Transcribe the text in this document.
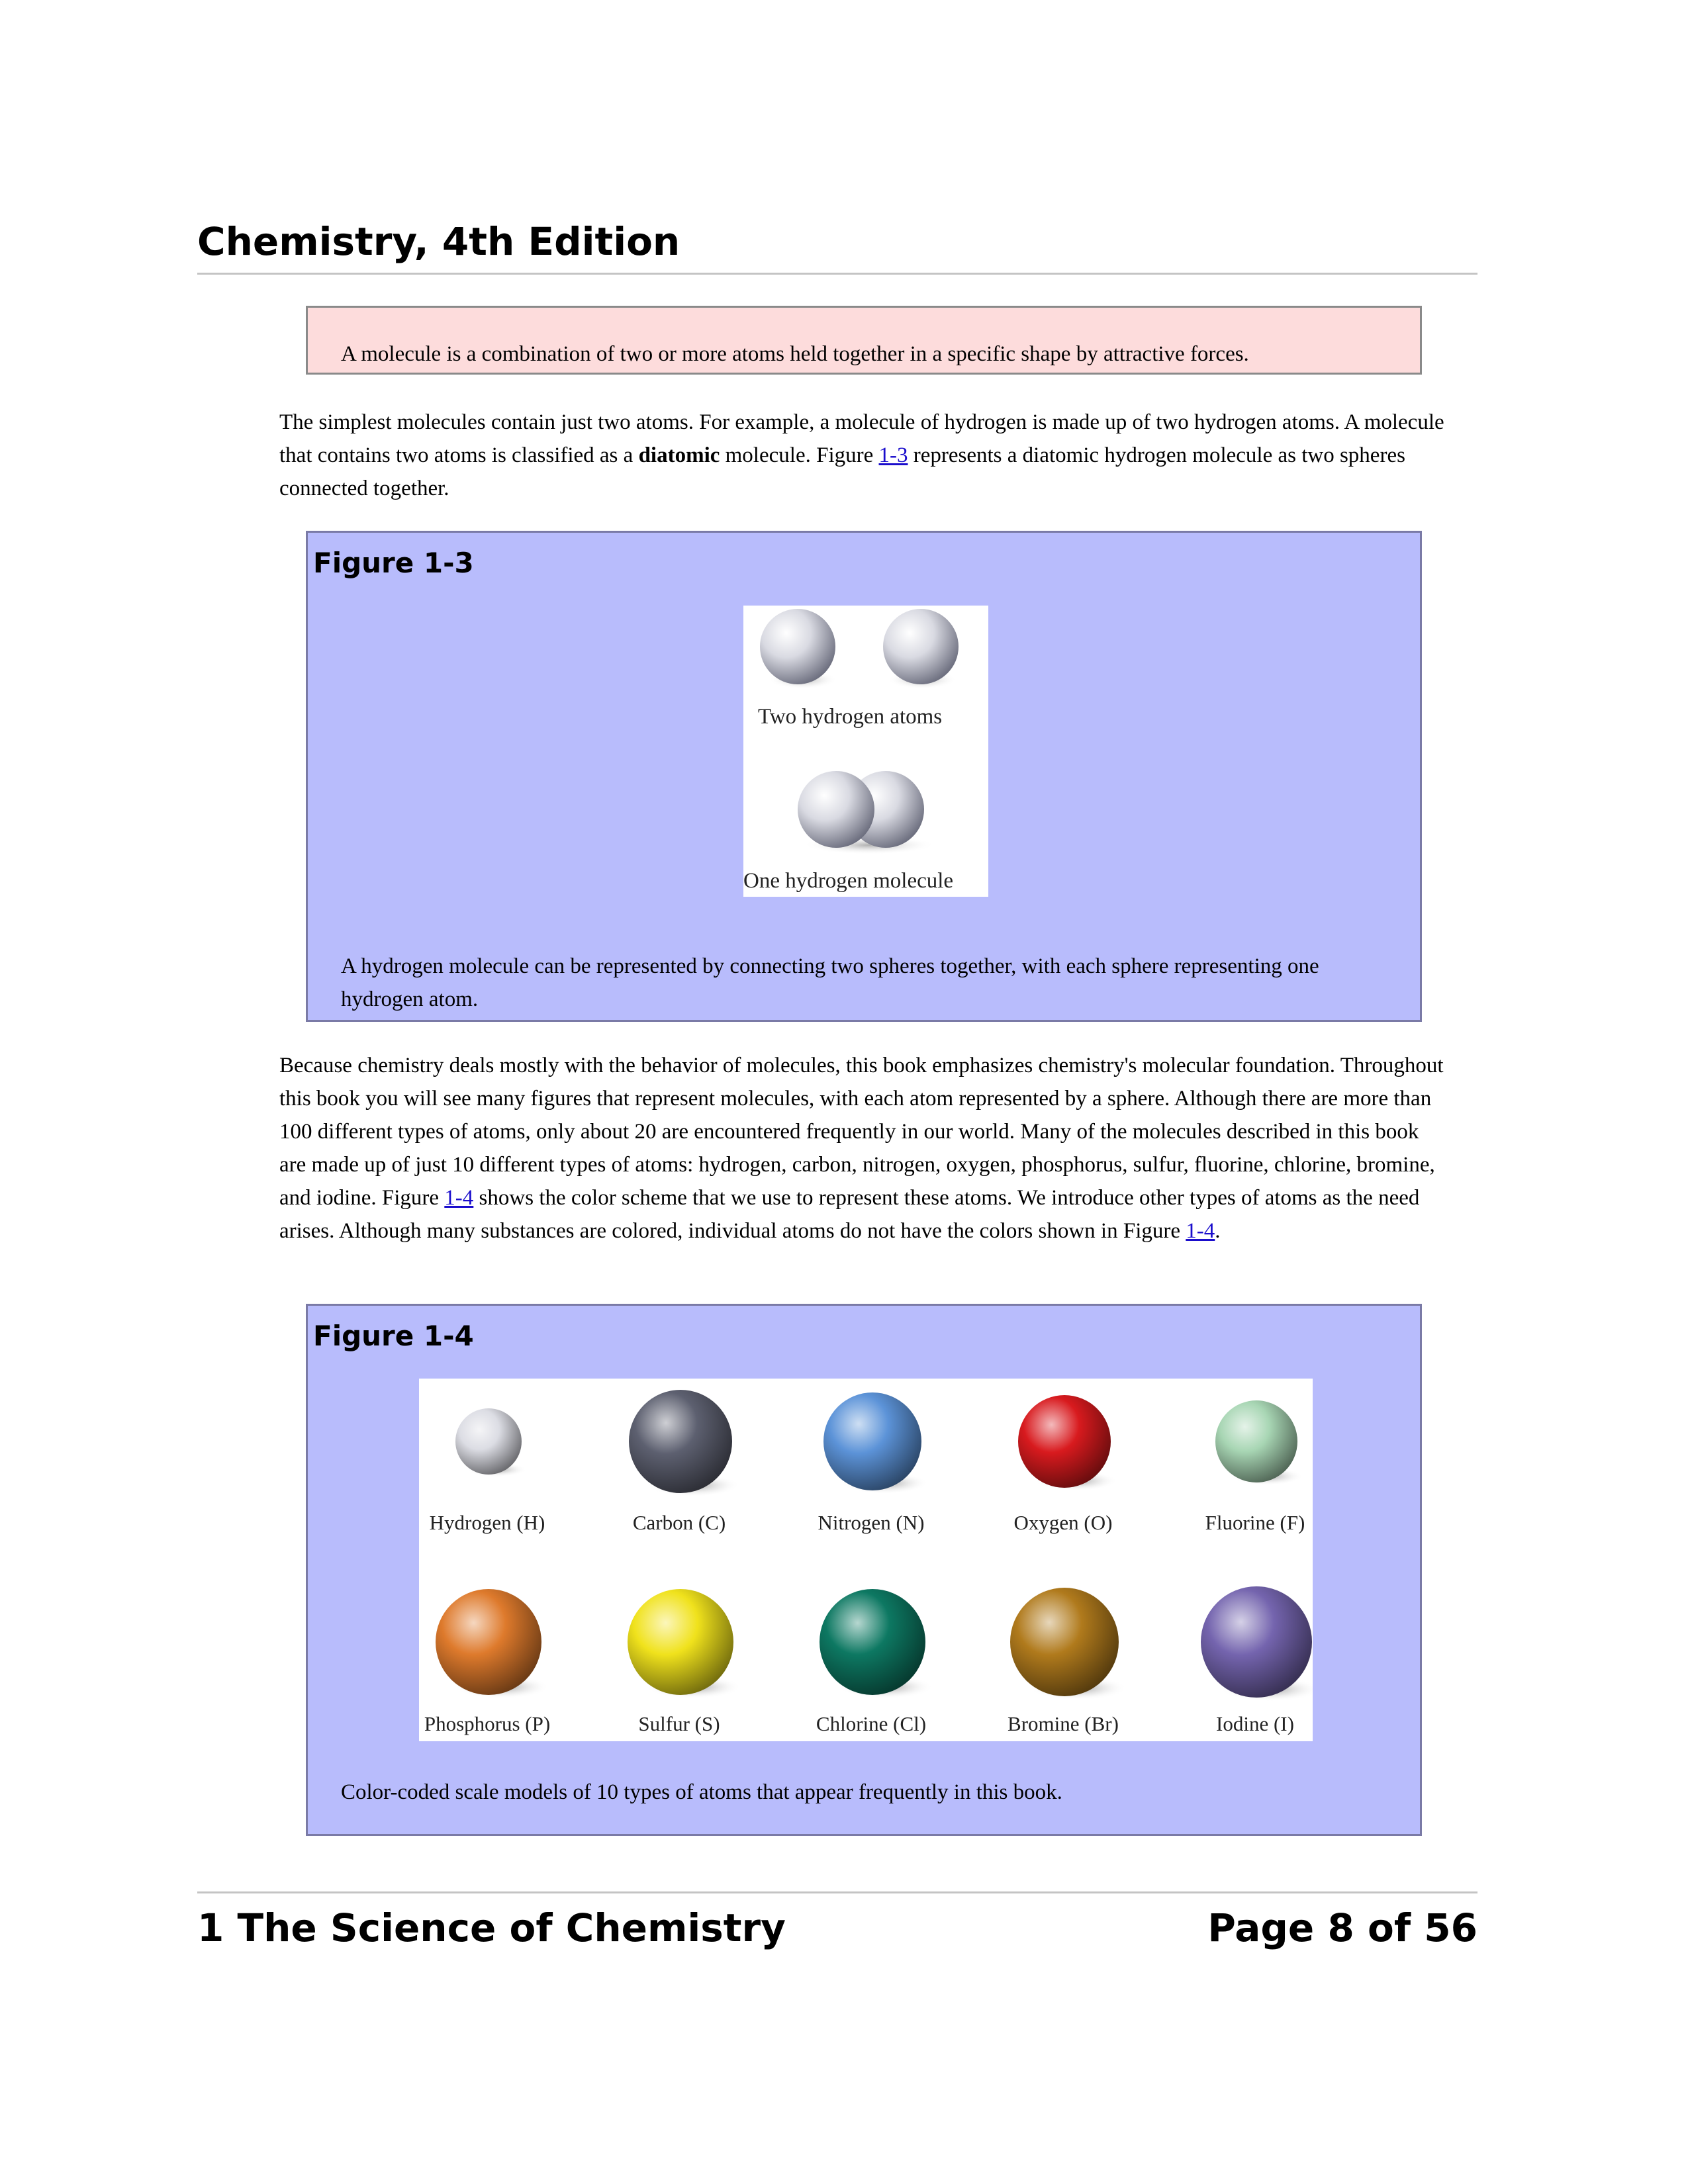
Chemistry, 4th Edition
A molecule is a combination of two or more atoms held together in a specific shape by attractive forces.
The simplest molecules contain just two atoms. For example, a molecule of hydrogen is made up of two hydrogen atoms. A molecule that contains two atoms is classified as a diatomic molecule. Figure 1-3 represents a diatomic hydrogen molecule as two spheres connected together.
Figure 1-3
Two hydrogen atoms
One hydrogen molecule
A hydrogen molecule can be represented by connecting two spheres together, with each sphere representing one hydrogen atom.
Because chemistry deals mostly with the behavior of molecules, this book emphasizes chemistry's molecular foundation. Throughout this book you will see many figures that represent molecules, with each atom represented by a sphere. Although there are more than 100 different types of atoms, only about 20 are encountered frequently in our world. Many of the molecules described in this book are made up of just 10 different types of atoms: hydrogen, carbon, nitrogen, oxygen, phosphorus, sulfur, fluorine, chlorine, bromine, and iodine. Figure 1-4 shows the color scheme that we use to represent these atoms. We introduce other types of atoms as the need arises. Although many substances are colored, individual atoms do not have the colors shown in Figure 1-4.
Figure 1-4
Hydrogen (H)	Carbon (C)	Nitrogen (N)	Oxygen (O)	Fluorine (F)
Phosphorus (P)	Sulfur (S)	Chlorine (Cl)	Bromine (Br)	Iodine (I)
Color-coded scale models of 10 types of atoms that appear frequently in this book.
1 The Science of Chemistry	Page 8 of 56
